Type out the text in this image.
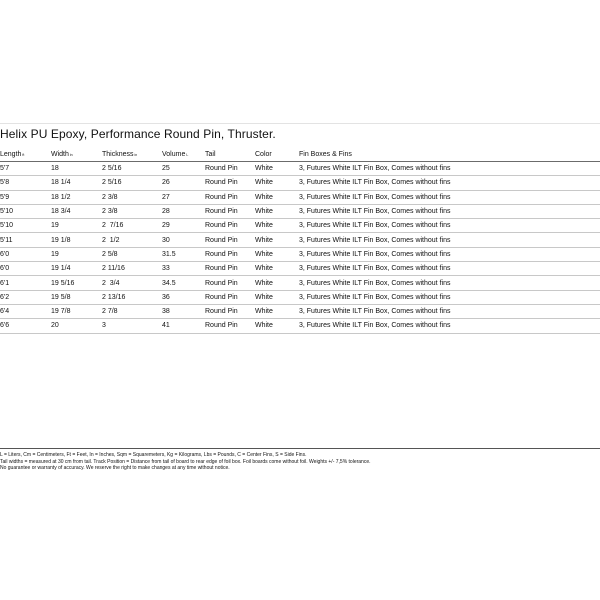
Helix PU Epoxy, Performance Round Pin, Thruster.
Lengthft	Widthin	Thicknessin	VolumeL	Tail	Color	Fin Boxes & Fins
5'7	18	2 5/16	25	Round Pin	White	3, Futures White ILT Fin Box, Comes without fins
5'8	18 1/4	2 5/16	26	Round Pin	White	3, Futures White ILT Fin Box, Comes without fins
5'9	18 1/2	2 3/8	27	Round Pin	White	3, Futures White ILT Fin Box, Comes without fins
5'10	18 3/4	2 3/8	28	Round Pin	White	3, Futures White ILT Fin Box, Comes without fins
5'10	19	2  7/16	29	Round Pin	White	3, Futures White ILT Fin Box, Comes without fins
5'11	19 1/8	2  1/2	30	Round Pin	White	3, Futures White ILT Fin Box, Comes without fins
6'0	19	2 5/8	31.5	Round Pin	White	3, Futures White ILT Fin Box, Comes without fins
6'0	19 1/4	2 11/16	33	Round Pin	White	3, Futures White ILT Fin Box, Comes without fins
6'1	19 5/16	2  3/4	34.5	Round Pin	White	3, Futures White ILT Fin Box, Comes without fins
6'2	19 5/8	2 13/16	36	Round Pin	White	3, Futures White ILT Fin Box, Comes without fins
6'4	19 7/8	2 7/8	38	Round Pin	White	3, Futures White ILT Fin Box, Comes without fins
6'6	20	3	41	Round Pin	White	3, Futures White ILT Fin Box, Comes without fins
L = Liters, Cm = Centimeters, Ft = Feet, In = Inches, Sqm = Squaremeters, Kg = Kilograms, Lbs = Pounds, C = Center Fins, S = Side Fins.
Tail widths = measured at 30 cm from tail. Track Position = Distance from tail of board to rear edge of foil box. Foil boards come without foil. Weights +/- 7,5% tolerance.
No guarantee or warranty of accuracy. We reserve the right to make changes at any time without notice.
